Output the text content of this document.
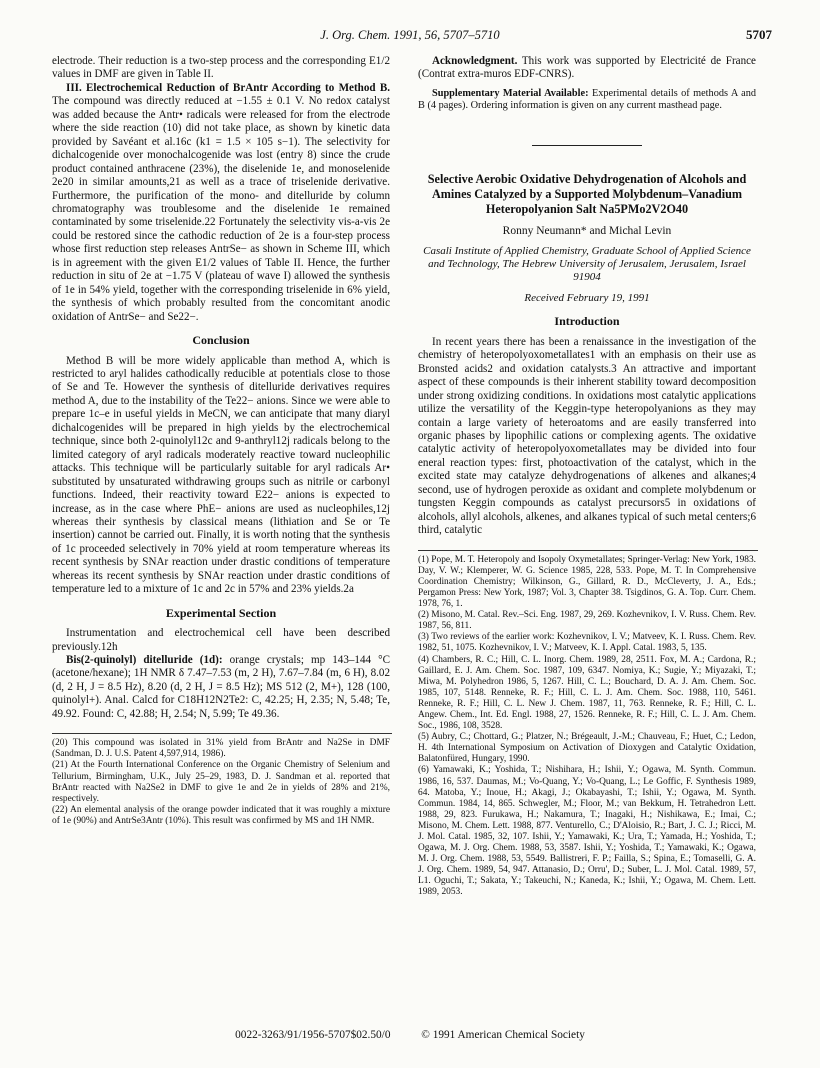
J. Org. Chem. 1991, 56, 5707–5710	5707

electrode. Their reduction is a two-step process and the corresponding E1/2 values in DMF are given in Table II.

III. Electrochemical Reduction of BrAntr According to Method B. The compound was directly reduced at −1.55 ± 0.1 V. No redox catalyst was added because the Antr• radicals were released for from the electrode where the side reaction (10) did not take place, as shown by kinetic data provided by Savéant et al.16c (k1 = 1.5 × 105 s−1). The selectivity for dichalcogenide over monochalcogenide was lost (entry 8) since the crude product contained anthracene (23%), the diselenide 1e, and monoselenide 2e20 in similar amounts,21 as well as a trace of triselenide derivative. Furthermore, the purification of the mono- and ditelluride by column chromatography was troublesome and the diselenide 1e remained contaminated by some triselenide.22 Fortunately the selectivity vis-a-vis 2e could be restored since the cathodic reduction of 2e is a four-step process whose first reduction step releases AntrSe− as shown in Scheme III, which is in agreement with the given E1/2 values of Table II. Hence, the further reduction in situ of 2e at −1.75 V (plateau of wave I) allowed the synthesis of 1e in 54% yield, together with the corresponding triselenide in 6% yield, the synthesis of which probably resulted from the concomitant anodic oxidation of AntrSe− and Se22−.

Conclusion

Method B will be more widely applicable than method A, which is restricted to aryl halides cathodically reducible at potentials close to those of Se and Te. However the synthesis of ditelluride derivatives requires method A, due to the instability of the Te22− anions. Since we were able to prepare 1c–e in useful yields in MeCN, we can anticipate that many diaryl dichalcogenides will be prepared in high yields by the electrochemical technique, since both 2-quinolyl12c and 9-anthryl12j radicals belong to the limited category of aryl radicals moderately reactive toward nucleophilic attacks. This technique will be particularly suitable for aryl radicals Ar• substituted by unsaturated withdrawing groups such as nitrile or carbonyl functions. Indeed, their reactivity toward E22− anions is expected to increase, as in the case where PhE− anions are used as nucleophiles,12j whereas their synthesis by classical means (lithiation and Se or Te insertion) cannot be carried out. Finally, it is worth noting that the synthesis of 1c proceeded selectively in 70% yield at room temperature whereas its recent synthesis by SNAr reaction under drastic conditions of temperature whereas its recent synthesis by SNAr reaction under drastic conditions of temperature led to a mixture of 1c and 2c in 57% and 23% yields.2a

Experimental Section

Instrumentation and electrochemical cell have been described previously.12h

Bis(2-quinolyl) ditelluride (1d): orange crystals; mp 143–144 °C (acetone/hexane); 1H NMR δ 7.47–7.53 (m, 2 H), 7.67–7.84 (m, 6 H), 8.02 (d, 2 H, J = 8.5 Hz), 8.20 (d, 2 H, J = 8.5 Hz); MS 512 (2, M+), 128 (100, quinolyl+). Anal. Calcd for C18H12N2Te2: C, 42.25; H, 2.35; N, 5.48; Te, 49.92. Found: C, 42.88; H, 2.54; N, 5.99; Te 49.36.

(20) This compound was isolated in 31% yield from BrAntr and Na2Se in DMF (Sandman, D. J. U.S. Patent 4,597,914, 1986).
(21) At the Fourth International Conference on the Organic Chemistry of Selenium and Tellurium, Birmingham, U.K., July 25–29, 1983, D. J. Sandman et al. reported that BrAntr reacted with Na2Se2 in DMF to give 1e and 2e in yields of 28% and 21%, respectively.
(22) An elemental analysis of the orange powder indicated that it was roughly a mixture of 1e (90%) and AntrSe3Antr (10%). This result was confirmed by MS and 1H NMR.

Acknowledgment. This work was supported by Electricité de France (Contrat extra-muros EDF-CNRS).

Supplementary Material Available: Experimental details of methods A and B (4 pages). Ordering information is given on any current masthead page.

Selective Aerobic Oxidative Dehydrogenation of Alcohols and Amines Catalyzed by a Supported Molybdenum–Vanadium Heteropolyanion Salt Na5PMo2V2O40
Ronny Neumann* and Michal Levin
Casali Institute of Applied Chemistry, Graduate School of Applied Science and Technology, The Hebrew University of Jerusalem, Jerusalem, Israel 91904
Received February 19, 1991
Introduction

In recent years there has been a renaissance in the investigation of the chemistry of heteropolyoxometallates1 with an emphasis on their use as Bronsted acids2 and oxidation catalysts.3 An attractive and important aspect of these compounds is their inherent stability toward decomposition under strong oxidizing conditions. In oxidations most catalytic applications utilize the versatility of the Keggin-type heteropolyanions as they may contain a large variety of heteroatoms and are easily transferred into organic phases by lipophilic cations or complexing agents. The oxidative catalytic activity of heteropolyoxometallates may be divided into four eneral reaction types: first, photoactivation of the catalyst, which in the excited state may catalyze dehydrogenations of alkenes and alkanes;4 second, use of hydrogen peroxide as oxidant and complete molybdenum or tungsten Keggin compounds as catalyst precursors5 in oxidations of alcohols, allyl alcohols, alkenes, and alkanes typical of such metal centers;6 third, catalytic

(1) Pope, M. T. Heteropoly and Isopoly Oxymetallates; Springer-Verlag: New York, 1983. Day, V. W.; Klemperer, W. G. Science 1985, 228, 533. Pope, M. T. In Comprehensive Coordination Chemistry; Wilkinson, G., Gillard, R. D., McCleverty, J. A., Eds.; Pergamon Press: New York, 1987; Vol. 3, Chapter 38. Tsigdinos, G. A. Top. Curr. Chem. 1978, 76, 1.
(2) Misono, M. Catal. Rev.–Sci. Eng. 1987, 29, 269. Kozhevnikov, I. V. Russ. Chem. Rev. 1987, 56, 811.
(3) Two reviews of the earlier work: Kozhevnikov, I. V.; Matveev, K. I. Russ. Chem. Rev. 1982, 51, 1075. Kozhevnikov, I. V.; Matveev, K. I. Appl. Catal. 1983, 5, 135.
(4) Chambers, R. C.; Hill, C. L. Inorg. Chem. 1989, 28, 2511. Fox, M. A.; Cardona, R.; Gaillard, E. J. Am. Chem. Soc. 1987, 109, 6347. Nomiya, K.; Sugie, Y.; Miyazaki, T.; Miwa, M. Polyhedron 1986, 5, 1267. Hill, C. L.; Bouchard, D. A. J. Am. Chem. Soc. 1985, 107, 5148. Renneke, R. F.; Hill, C. L. J. Am. Chem. Soc. 1988, 110, 5461. Renneke, R. F.; Hill, C. L. New J. Chem. 1987, 11, 763. Renneke, R. F.; Hill, C. L. Angew. Chem., Int. Ed. Engl. 1988, 27, 1526. Renneke, R. F.; Hill, C. L. J. Am. Chem. Soc., 1986, 108, 3528.
(5) Aubry, C.; Chottard, G.; Platzer, N.; Brégeault, J.-M.; Chauveau, F.; Huet, C.; Ledon, H. 4th International Symposium on Activation of Dioxygen and Catalytic Oxidation, Balatonfüred, Hungary, 1990.
(6) Yamawaki, K.; Yoshida, T.; Nishihara, H.; Ishii, Y.; Ogawa, M. Synth. Commun. 1986, 16, 537. Daumas, M.; Vo-Quang, Y.; Vo-Quang, L.; Le Goffic, F. Synthesis 1989, 64. Matoba, Y.; Inoue, H.; Akagi, J.; Okabayashi, T.; Ishii, Y.; Ogawa, M. Synth. Commun. 1984, 14, 865. Schwegler, M.; Floor, M.; van Bekkum, H. Tetrahedron Lett. 1988, 29, 823. Furukawa, H.; Nakamura, T.; Inagaki, H.; Nishikawa, E.; Imai, C.; Misono, M. Chem. Lett. 1988, 877. Venturello, C.; D'Aloisio, R.; Bart, J. C. J.; Ricci, M. J. Mol. Catal. 1985, 32, 107. Ishii, Y.; Yamawaki, K.; Ura, T.; Yamada, H.; Yoshida, T.; Ogawa, M. J. Org. Chem. 1988, 53, 3587. Ishii, Y.; Yoshida, T.; Yamawaki, K.; Ogawa, M. J. Org. Chem. 1988, 53, 5549. Ballistreri, F. P.; Failla, S.; Spina, E.; Tomaselli, G. A. J. Org. Chem. 1989, 54, 947. Attanasio, D.; Orru', D.; Suber, L. J. Mol. Catal. 1989, 57, L1. Oguchi, T.; Sakata, Y.; Takeuchi, N.; Kaneda, K.; Ishii, Y.; Ogawa, M. Chem. Lett. 1989, 2053.
0022-3263/91/1956-5707$02.50/0	© 1991 American Chemical Society
